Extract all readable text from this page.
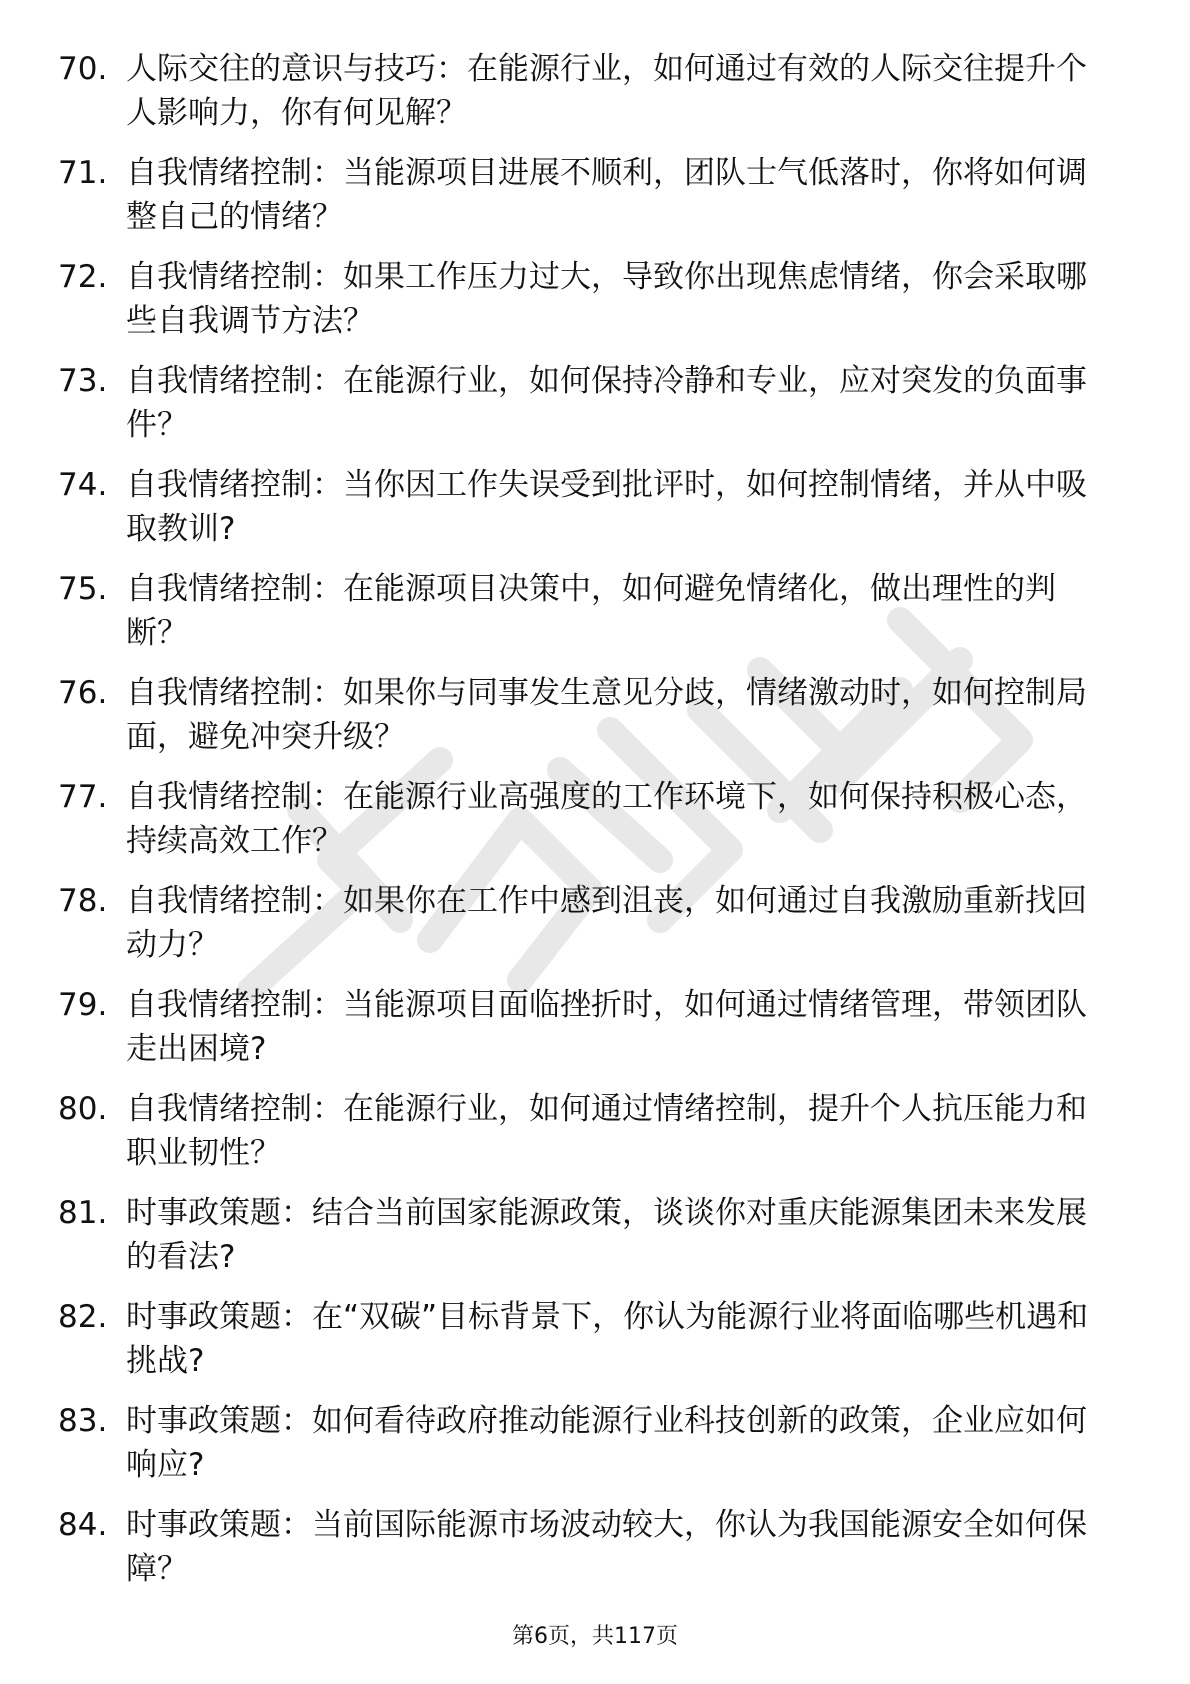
70. 人际交往的意识与技巧：在能源行业，如何通过有效的人际交往提升个人影响力，你有何见解？
71. 自我情绪控制：当能源项目进展不顺利，团队士气低落时，你将如何调整自己的情绪？
72. 自我情绪控制：如果工作压力过大，导致你出现焦虑情绪，你会采取哪些自我调节方法？
73. 自我情绪控制：在能源行业，如何保持冷静和专业，应对突发的负面事件？
74. 自我情绪控制：当你因工作失误受到批评时，如何控制情绪，并从中吸取教训?
75. 自我情绪控制：在能源项目决策中，如何避免情绪化，做出理性的判断？
76. 自我情绪控制：如果你与同事发生意见分歧，情绪激动时，如何控制局面，避免冲突升级？
77. 自我情绪控制：在能源行业高强度的工作环境下，如何保持积极心态，持续高效工作？
78. 自我情绪控制：如果你在工作中感到沮丧，如何通过自我激励重新找回动力？
79. 自我情绪控制：当能源项目面临挫折时，如何通过情绪管理，带领团队走出困境?
80. 自我情绪控制：在能源行业，如何通过情绪控制，提升个人抗压能力和职业韧性？
81. 时事政策题：结合当前国家能源政策，谈谈你对重庆能源集团未来发展的看法?
82. 时事政策题：在“双碳”目标背景下，你认为能源行业将面临哪些机遇和挑战?
83. 时事政策题：如何看待政府推动能源行业科技创新的政策，企业应如何响应?
84. 时事政策题：当前国际能源市场波动较大，你认为我国能源安全如何保障？
第6页，共117页
